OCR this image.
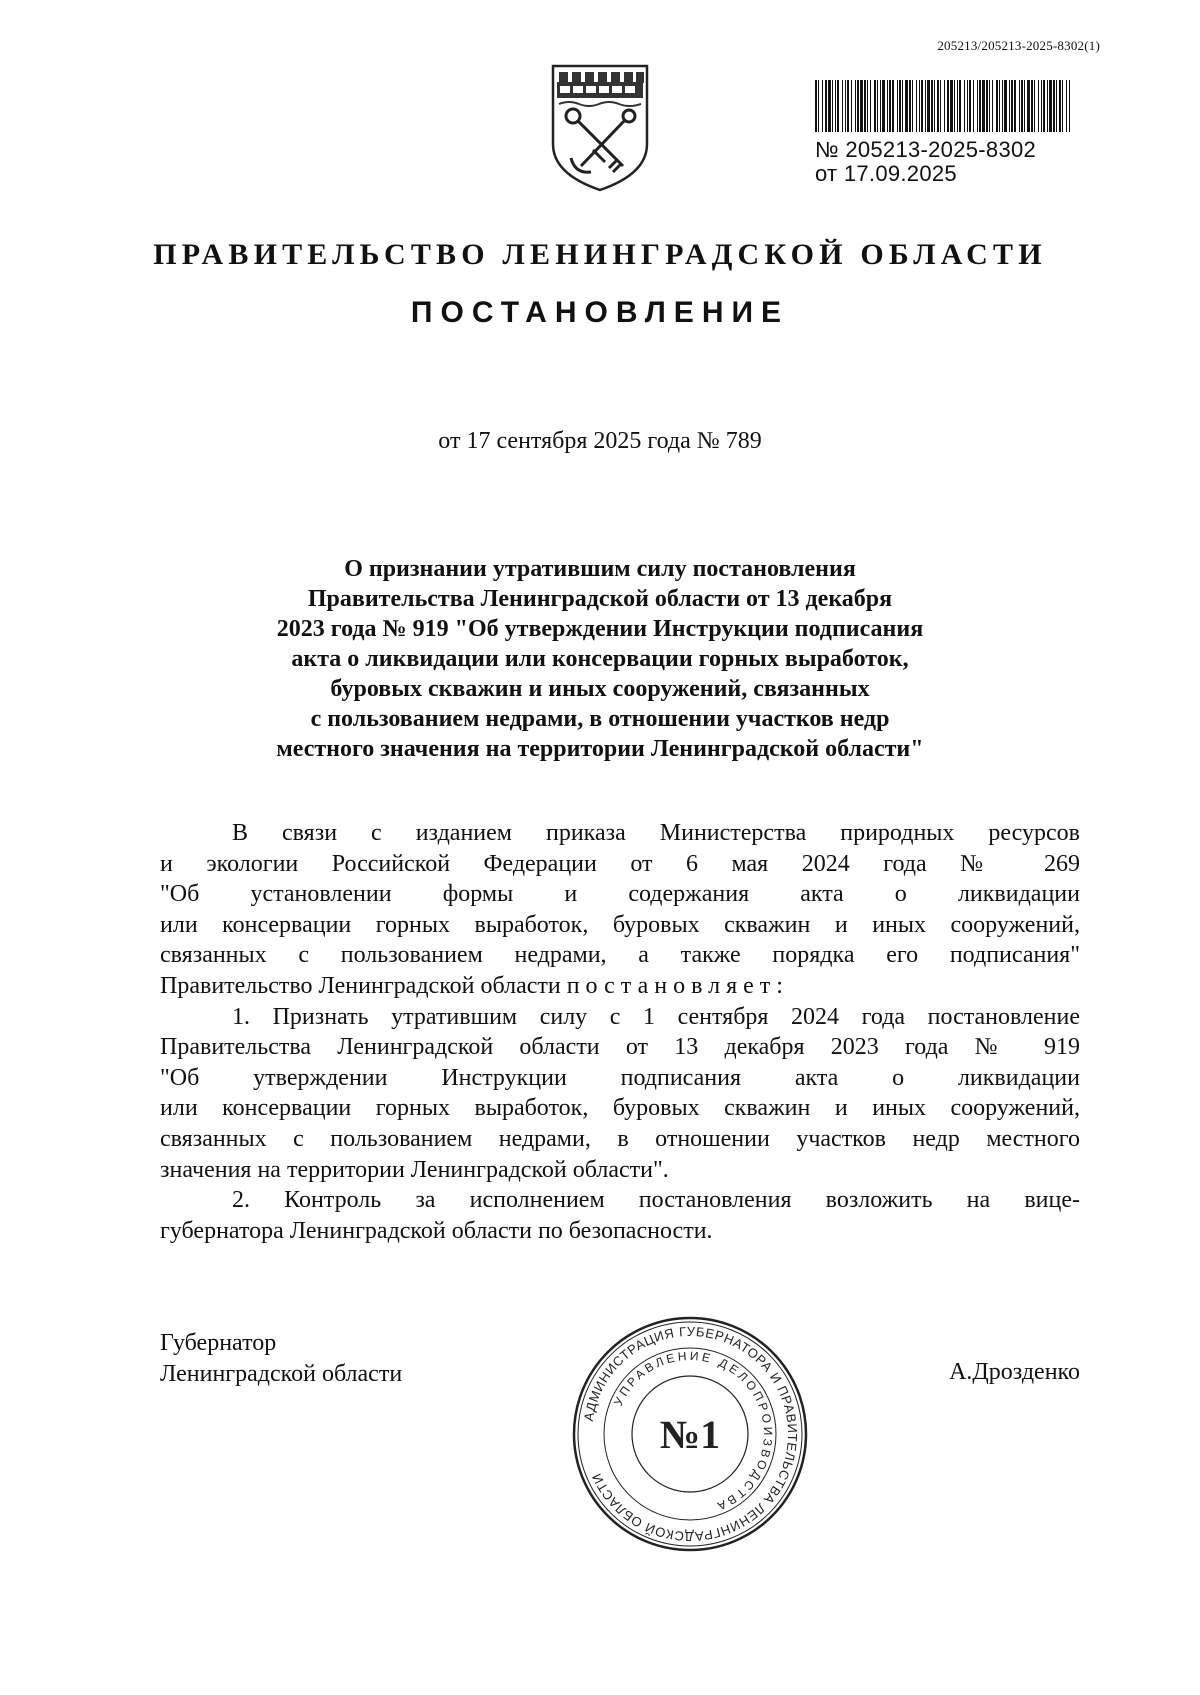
205213/205213-2025-8302(1)
№ 205213-2025-8302
от 17.09.2025
ПРАВИТЕЛЬСТВО ЛЕНИНГРАДСКОЙ ОБЛАСТИ
ПОСТАНОВЛЕНИЕ
от 17 сентября 2025 года № 789
О признании утратившим силу постановления
Правительства Ленинградской области от 13 декабря
2023 года № 919 "Об утверждении Инструкции подписания
акта о ликвидации или консервации горных выработок,
буровых скважин и иных сооружений, связанных
с пользованием недрами, в отношении участков недр
местного значения на территории Ленинградской области"
В связи с изданием приказа Министерства природных ресурсов
и экологии Российской Федерации от 6 мая 2024 года № 269
"Об установлении формы и содержания акта о ликвидации
или консервации горных выработок, буровых скважин и иных сооружений,
связанных с пользованием недрами, а также порядка его подписания"
Правительство Ленинградской области постановляет:
1. Признать утратившим силу с 1 сентября 2024 года постановление
Правительства Ленинградской области от 13 декабря 2023 года № 919
"Об утверждении Инструкции подписания акта о ликвидации
или консервации горных выработок, буровых скважин и иных сооружений,
связанных с пользованием недрами, в отношении участков недр местного
значения на территории Ленинградской области".
2. Контроль за исполнением постановления возложить на вице-
губернатора Ленинградской области по безопасности.
Губернатор
Ленинградской области	А.Дрозденко
АДМИНИСТРАЦИЯ ГУБЕРНАТОРА И ПРАВИТЕЛЬСТВА ЛЕНИНГРАДСКОЙ ОБЛАСТИ
УПРАВЛЕНИЕ ДЕЛОПРОИЗВОДСТВА
№1
